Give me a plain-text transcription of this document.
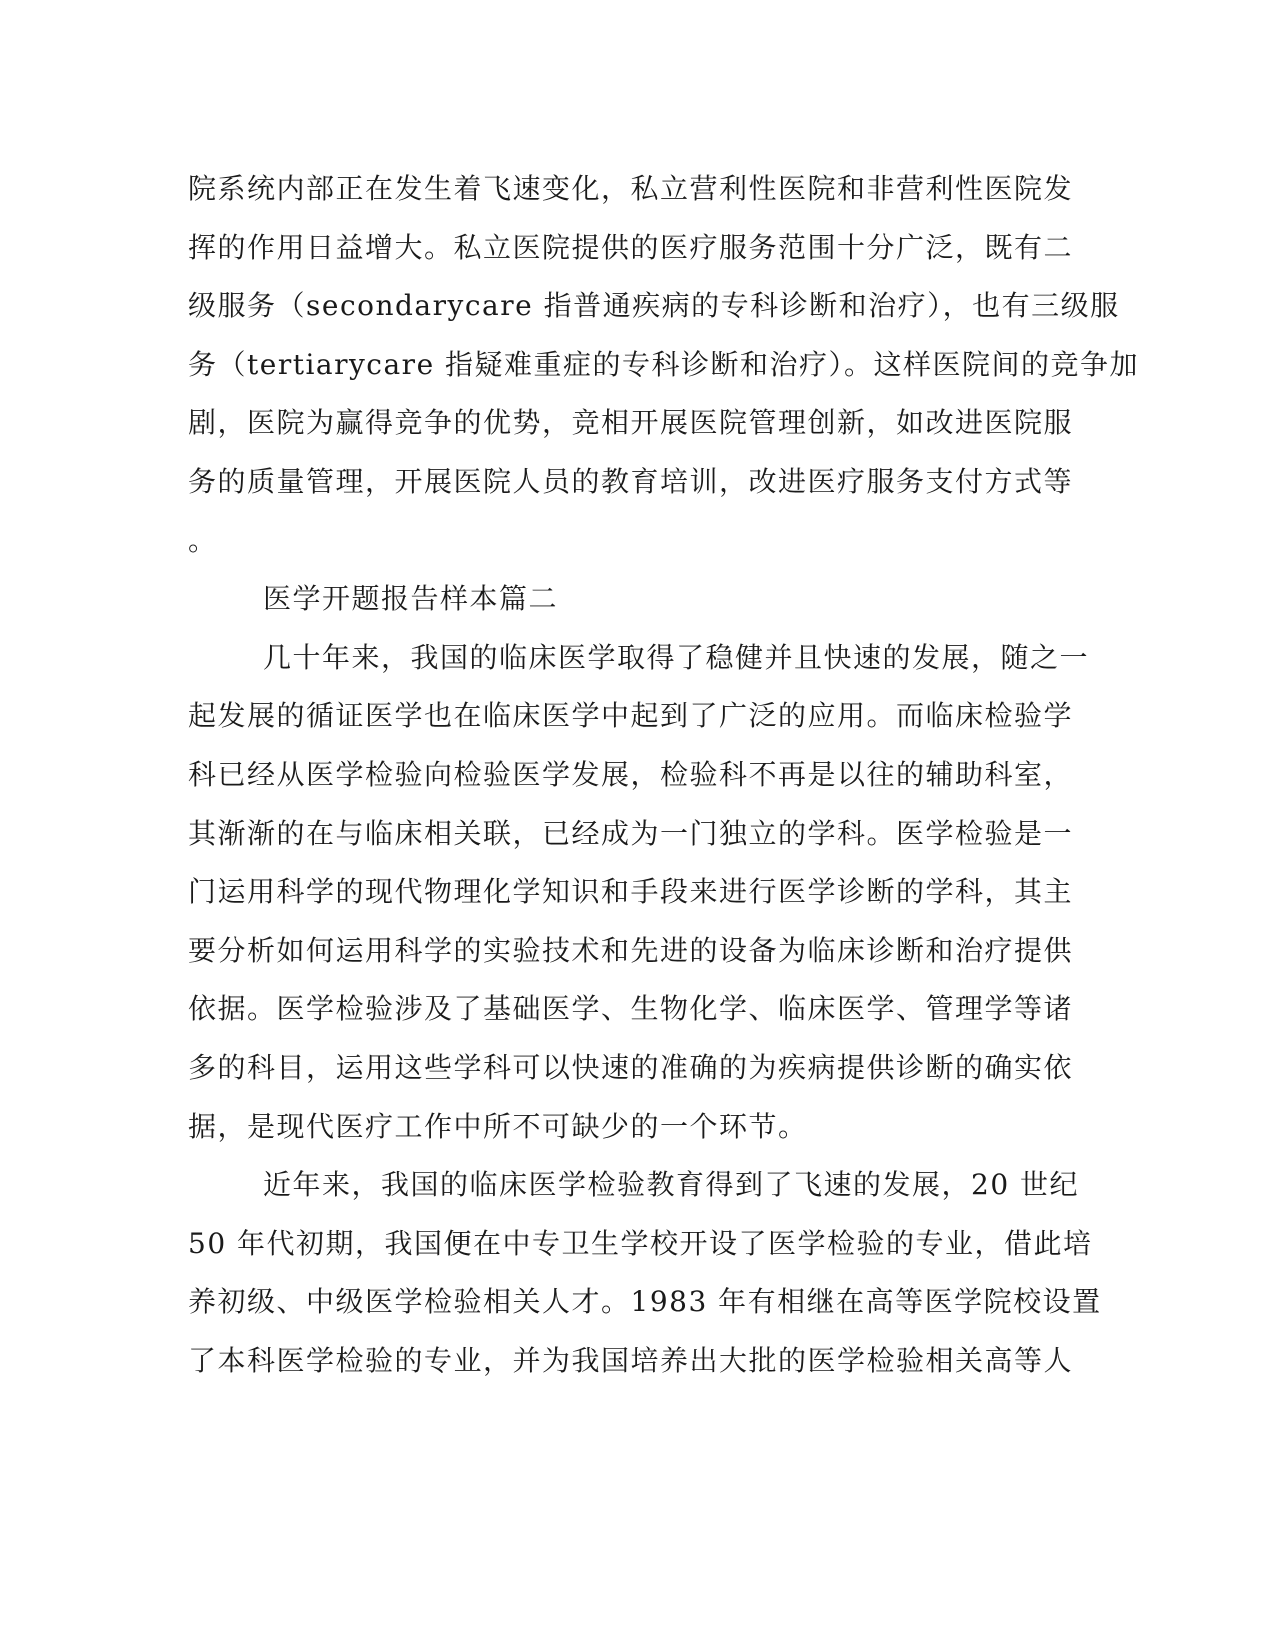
院系统内部正在发生着飞速变化，私立营利性医院和非营利性医院发
挥的作用日益增大。私立医院提供的医疗服务范围十分广泛，既有二
级服务（secondarycare 指普通疾病的专科诊断和治疗），也有三级服
务（tertiarycare 指疑难重症的专科诊断和治疗）。这样医院间的竞争加
剧，医院为赢得竞争的优势，竞相开展医院管理创新，如改进医院服
务的质量管理，开展医院人员的教育培训，改进医疗服务支付方式等
。
医学开题报告样本篇二
几十年来，我国的临床医学取得了稳健并且快速的发展，随之一
起发展的循证医学也在临床医学中起到了广泛的应用。而临床检验学
科已经从医学检验向检验医学发展，检验科不再是以往的辅助科室，
其渐渐的在与临床相关联，已经成为一门独立的学科。医学检验是一
门运用科学的现代物理化学知识和手段来进行医学诊断的学科，其主
要分析如何运用科学的实验技术和先进的设备为临床诊断和治疗提供
依据。医学检验涉及了基础医学、生物化学、临床医学、管理学等诸
多的科目，运用这些学科可以快速的准确的为疾病提供诊断的确实依
据，是现代医疗工作中所不可缺少的一个环节。
近年来，我国的临床医学检验教育得到了飞速的发展，20 世纪
50 年代初期，我国便在中专卫生学校开设了医学检验的专业，借此培
养初级、中级医学检验相关人才。1983 年有相继在高等医学院校设置
了本科医学检验的专业，并为我国培养出大批的医学检验相关高等人
